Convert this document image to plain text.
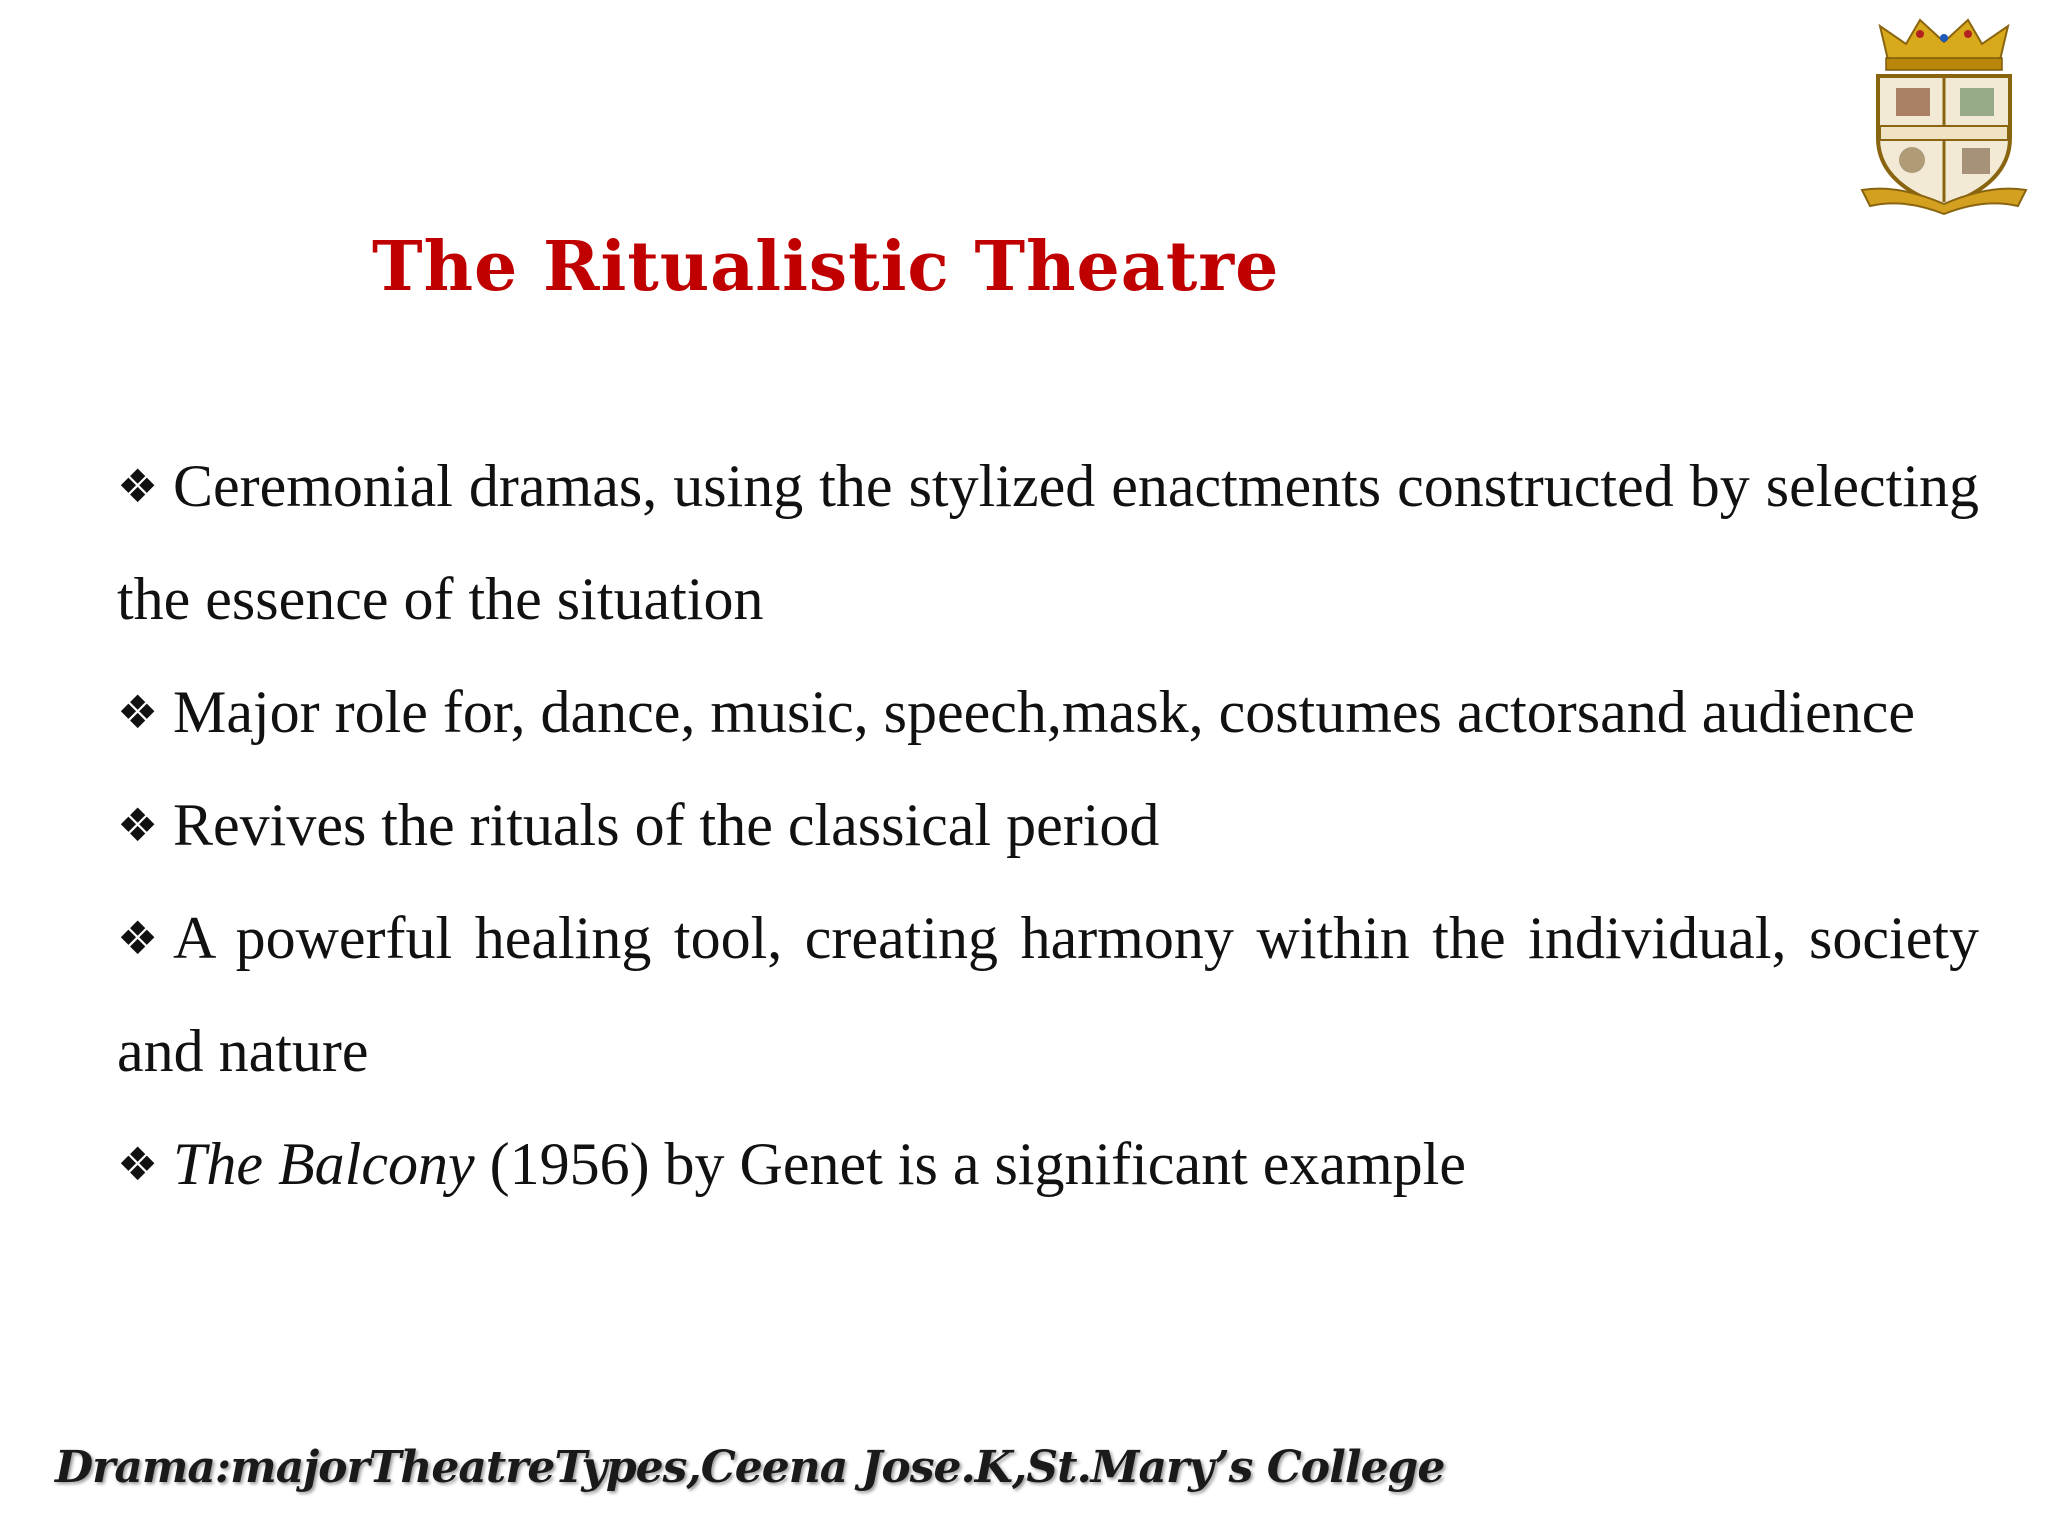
The Ritualistic Theatre
❖ Ceremonial dramas, using the stylized enactments constructed by selecting the essence of the situation
❖ Major role for, dance, music, speech,mask, costumes actorsand audience
❖ Revives the rituals of the classical period
❖ A powerful healing tool, creating harmony within the individual, society and nature
❖ The Balcony (1956) by Genet is a significant example
Drama:majorTheatreTypes,Ceena Jose.K,St.Mary’s College
